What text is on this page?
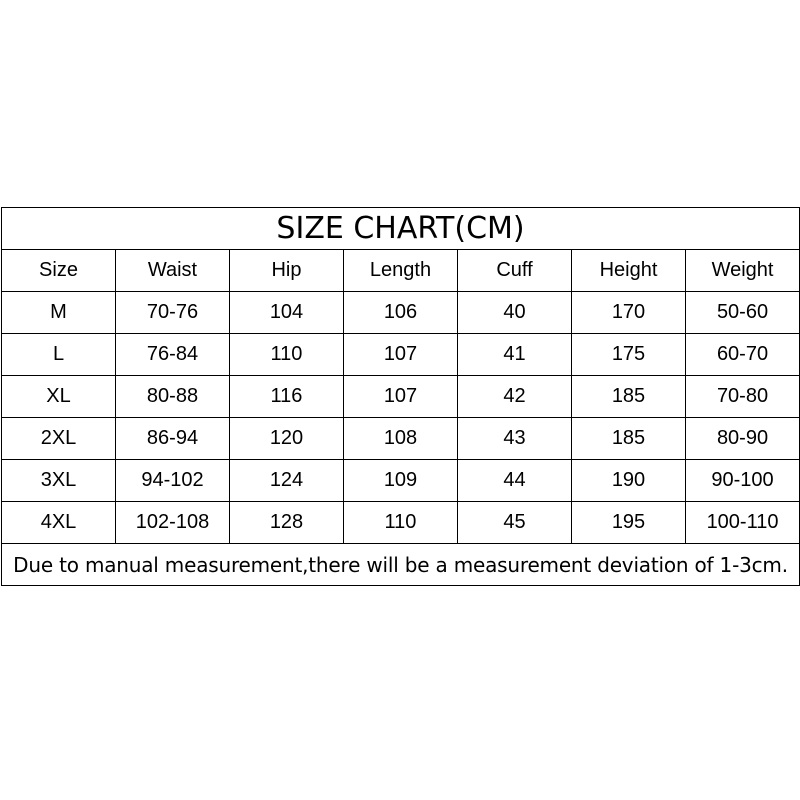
SIZE CHART(CM)						
Size	Waist	Hip	Length	Cuff	Height	Weight
M	70-76	104	106	40	170	50-60
L	76-84	110	107	41	175	60-70
XL	80-88	116	107	42	185	70-80
2XL	86-94	120	108	43	185	80-90
3XL	94-102	124	109	44	190	90-100
4XL	102-108	128	110	45	195	100-110
Due to manual measurement,there will be a measurement deviation of 1-3cm.						
